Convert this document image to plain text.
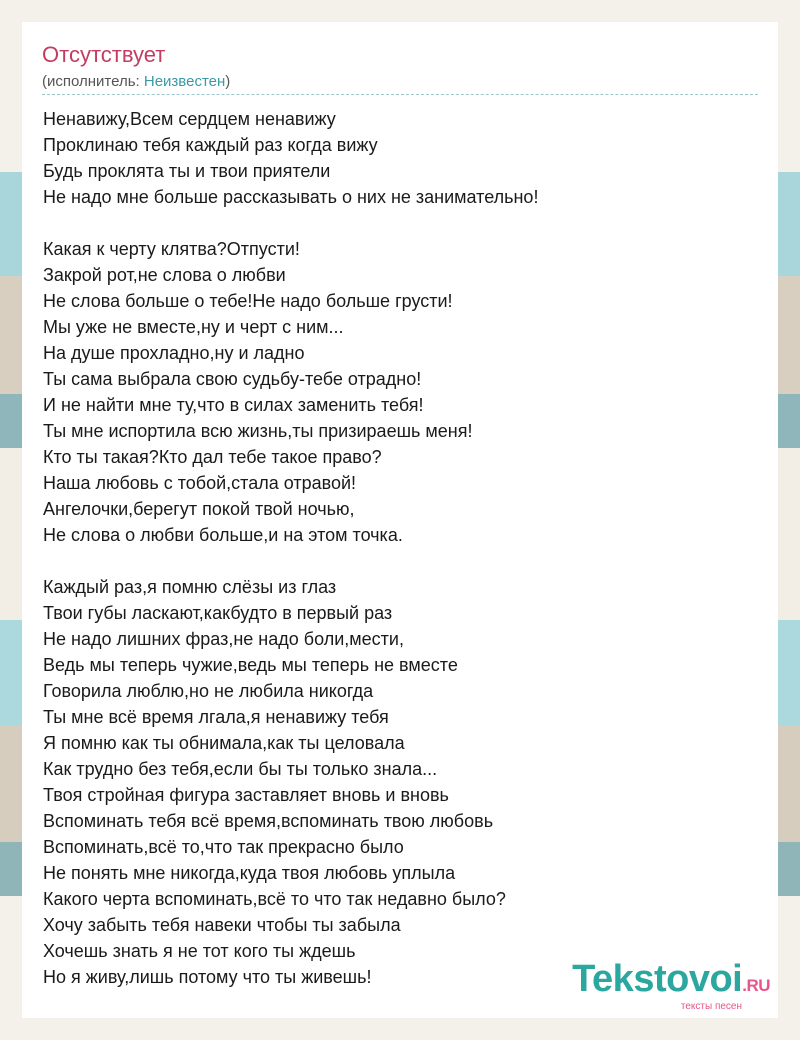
Отсутствует
(исполнитель: Неизвестен)
Ненавижу,Всем сердцем ненавижу
Проклинаю тебя каждый раз когда вижу
Будь проклята ты и твои приятели
Не надо мне больше рассказывать о них не занимательно!
Какая к черту клятва?Отпусти!
Закрой рот,не слова о любви
Не слова больше о тебе!Не надо больше грусти!
Мы уже не вместе,ну и черт с ним...
На душе прохладно,ну и ладно
Ты сама выбрала свою судьбу-тебе отрадно!
И не найти мне ту,что в силах заменить тебя!
Ты мне испортила всю жизнь,ты призираешь меня!
Кто ты такая?Кто дал тебе такое право?
Наша любовь с тобой,стала отравой!
Ангелочки,берегут покой твой ночью,
Не слова о любви больше,и на этом точка.
Каждый раз,я помню слёзы из глаз
Твои губы ласкают,какбудто в первый раз
Не надо лишних фраз,не надо боли,мести,
Ведь мы теперь чужие,ведь мы теперь не вместе
Говорила люблю,но не любила никогда
Ты мне всё время лгала,я ненавижу тебя
Я помню как ты обнимала,как ты целовала
Как трудно без тебя,если бы ты только знала...
Твоя стройная фигура заставляет вновь и вновь
Вспоминать тебя всё время,вспоминать твою любовь
Вспоминать,всё то,что так прекрасно было
Не понять мне никогда,куда твоя любовь уплыла
Какого черта вспоминать,всё то что так недавно было?
Хочу забыть тебя навеки чтобы ты забыла
Хочешь знать я не тот кого ты ждешь
Но я живу,лишь потому что ты живешь!	Tekstovoi.RU
тексты песен
